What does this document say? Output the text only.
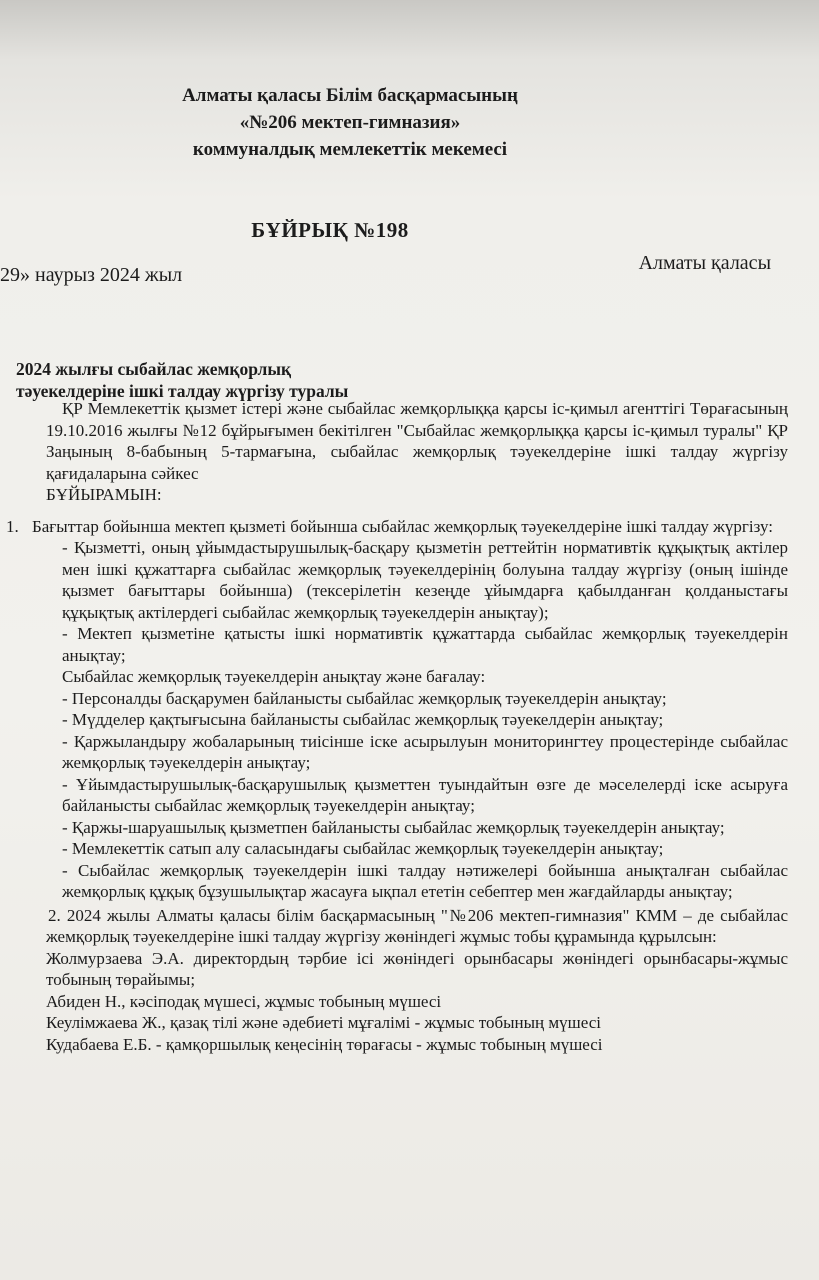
Алматы қаласы Білім басқармасының
«№206 мектеп-гимназия»
коммуналдық мемлекеттік мекемесі
БҰЙРЫҚ №198
29» наурыз 2024 жыл
Алматы қаласы
2024 жылғы сыбайлас жемқорлық
тәуекелдеріне ішкі талдау жүргізу туралы
ҚР Мемлекеттік қызмет істері және сыбайлас жемқорлыққа қарсы іс-қимыл агенттігі Төрағасының 19.10.2016 жылғы №12 бұйрығымен бекітілген "Сыбайлас жемқорлыққа қарсы іс-қимыл туралы" ҚР Заңының 8-бабының 5-тармағына, сыбайлас жемқорлық тәуекелдеріне ішкі талдау жүргізу қағидаларына сәйкес
БҰЙЫРАМЫН:
1. Бағыттар бойынша мектеп қызметі бойынша сыбайлас жемқорлық тәуекелдеріне ішкі талдау жүргізу:
- Қызметті, оның ұйымдастырушылық-басқару қызметін реттейтін нормативтік құқықтық актілер мен ішкі құжаттарға сыбайлас жемқорлық тәуекелдерінің болуына талдау жүргізу (оның ішінде қызмет бағыттары бойынша) (тексерілетін кезеңде ұйымдарға қабылданған қолданыстағы құқықтық актілердегі сыбайлас жемқорлық тәуекелдерін анықтау);
- Мектеп қызметіне қатысты ішкі нормативтік құжаттарда сыбайлас жемқорлық тәуекелдерін анықтау;
Сыбайлас жемқорлық тәуекелдерін анықтау және бағалау:
- Персоналды басқарумен байланысты сыбайлас жемқорлық тәуекелдерін анықтау;
- Мүдделер қақтығысына байланысты сыбайлас жемқорлық тәуекелдерін анықтау;
- Қаржыландыру жобаларының тиісінше іске асырылуын мониторингтеу процестерінде сыбайлас жемқорлық тәуекелдерін анықтау;
- Ұйымдастырушылық-басқарушылық қызметтен туындайтын өзге де мәселелерді іске асыруға байланысты сыбайлас жемқорлық тәуекелдерін анықтау;
- Қаржы-шаруашылық қызметпен байланысты сыбайлас жемқорлық тәуекелдерін анықтау;
- Мемлекеттік сатып алу саласындағы сыбайлас жемқорлық тәуекелдерін анықтау;
- Сыбайлас жемқорлық тәуекелдерін ішкі талдау нәтижелері бойынша анықталған сыбайлас жемқорлық құқық бұзушылықтар жасауға ықпал ететін себептер мен жағдайларды анықтау;
2. 2024 жылы Алматы қаласы білім басқармасының "№206 мектеп-гимназия" КММ – де сыбайлас жемқорлық тәуекелдеріне ішкі талдау жүргізу жөніндегі жұмыс тобы құрамында құрылсын:
Жолмурзаева Э.А. директордың тәрбие ісі жөніндегі орынбасары жөніндегі орынбасары-жұмыс тобының төрайымы;
Абиден Н., кәсіподақ мүшесі, жұмыс тобының мүшесі
Кеулімжаева Ж., қазақ тілі және әдебиеті мұғалімі - жұмыс тобының мүшесі
Кудабаева Е.Б. - қамқоршылық кеңесінің төрағасы - жұмыс тобының мүшесі
